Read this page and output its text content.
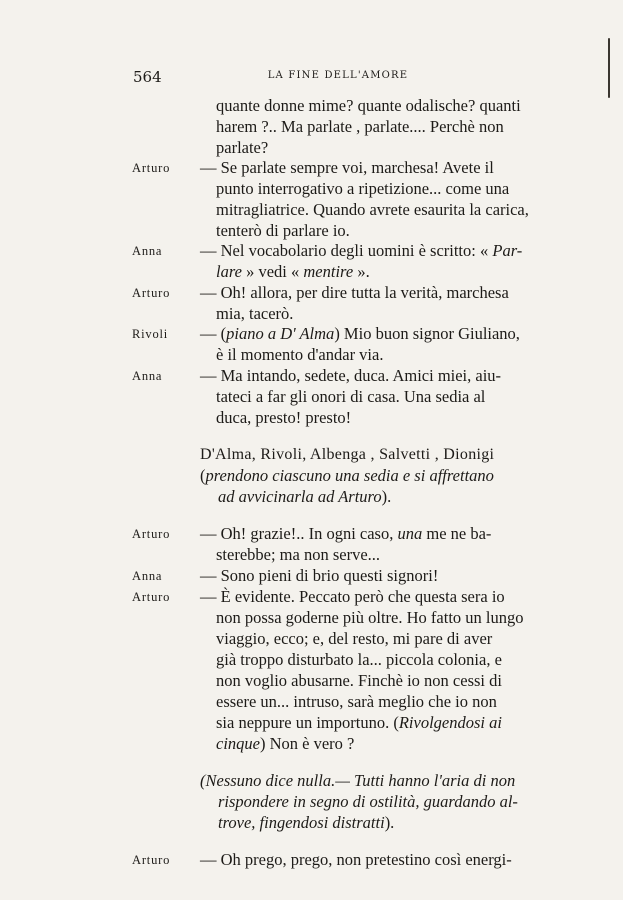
564	LA FINE DELL'AMORE
quante donne mime? quante odalische? quanti
harem ?.. Ma parlate , parlate.... Perchè non
parlate?
Arturo — Se parlate sempre voi, marchesa! Avete il
punto interrogativo a ripetizione... come una
mitragliatrice. Quando avrete esaurita la carica,
tenterò di parlare io.
Anna — Nel vocabolario degli uomini è scritto: « Par-
lare » vedi « mentire ».
Arturo — Oh! allora, per dire tutta la verità, marchesa
mia, tacerò.
Rivoli — (piano a D' Alma) Mio buon signor Giuliano,
è il momento d'andar via.
Anna — Ma intando, sedete, duca. Amici miei, aiu-
tateci a far gli onori di casa. Una sedia al
duca, presto! presto!
D'Alma, Rivoli, Albenga , Salvetti , Dionigi
(prendono ciascuno una sedia e si affrettano
ad avvicinarla ad Arturo).
Arturo — Oh! grazie!.. In ogni caso, una me ne ba-
sterebbe; ma non serve...
Anna — Sono pieni di brio questi signori!
Arturo — È evidente. Peccato però che questa sera io
non possa goderne più oltre. Ho fatto un lungo
viaggio, ecco; e, del resto, mi pare di aver
già troppo disturbato la... piccola colonia, e
non voglio abusarne. Finchè io non cessi di
essere un... intruso, sarà meglio che io non
sia neppure un importuno. (Rivolgendosi ai
cinque) Non è vero ?
(Nessuno dice nulla.— Tutti hanno l'aria di non
rispondere in segno di ostilità, guardando al-
trove, fingendosi distratti).
Arturo — Oh prego, prego, non pretestino così energi-
